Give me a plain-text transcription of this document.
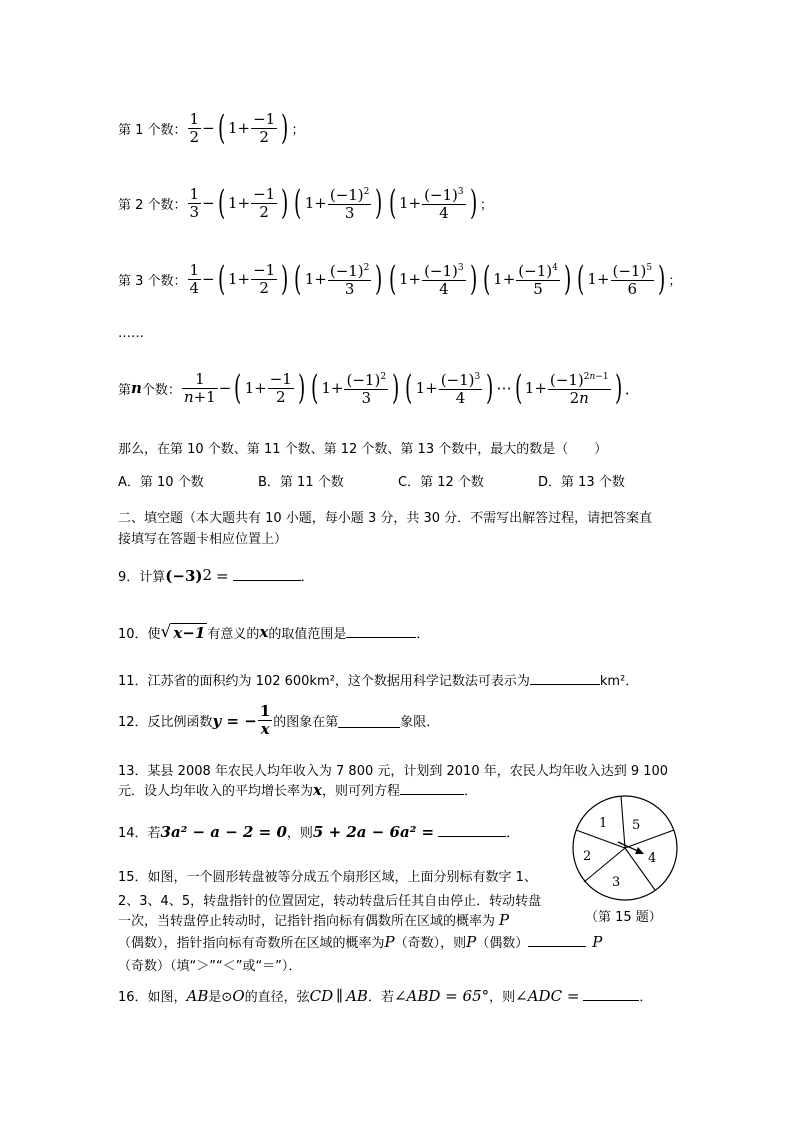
第 1 个数： $\frac{1}{2}$ − ( $1+ \frac{-1}{2}$ ) ；
第 2 个数： $\frac{1}{3}$ − ( $1+ \frac{-1}{2}$ ) ( $1+ \frac{(-1)^2}{3}$ ) ( $1+ \frac{(-1)^3}{4}$ ) ；
第 3 个数： $\frac{1}{4}$ − ( $1+ \frac{-1}{2}$ ) ( $1+ \frac{(-1)^2}{3}$ ) ( $1+ \frac{(-1)^3}{4}$ ) ( $1+ \frac{(-1)^4}{5}$ ) ( $1+ \frac{(-1)^5}{6}$ ) ；
……
第 n 个数： $\frac{1}{n+1}$ − ( $1+ \frac{-1}{2}$ ) ( $1+ \frac{(-1)^2}{3}$ ) ( $1+ \frac{(-1)^3}{4}$ ) ⋯ ( $1+ \frac{(-1)^{2n-1}}{2n}$ ) ．
那么，在第 10 个数、第 11 个数、第 12 个数、第 13 个数中，最大的数是（　　）
A．第 10 个数	B．第 11 个数	C．第 12 个数	D．第 13 个数
二、填空题（本大题共有 10 小题，每小题 3 分，共 30 分．不需写出解答过程，请把答案直
接填写在答题卡相应位置上）
9．计算 (−3) 2 =	．
10．使 √ x−1 有意义的 x 的取值范围是	．
11．江苏省的面积约为 102 600km²，这个数据用科学记数法可表示为	km²．
12．反比例函数 y = − $\frac{1}{x}$ 的图象在第	象限．
13．某县 2008 年农民人均年收入为 7 800 元，计划到 2010 年，农民人均年收入达到 9 100
元．设人均年收入的平均增长率为 x ，则可列方程	．
14．若 3a² − a − 2 = 0 ，则 5 + 2a − 6a² =	．
15．如图，一个圆形转盘被等分成五个扇形区域，上面分别标有数字 1、
2、3、4、5，转盘指针的位置固定，转动转盘后任其自由停止．转动转盘
一次，当转盘停止转动时，记指针指向标有偶数所在区域的概率为 P
（偶数），指针指向标有奇数所在区域的概率为 P （奇数），则 P （偶数）	P
（奇数）（填“＞”“＜”或“＝”）．
1 5
4
3
2
（第 15 题）
16．如图， AB 是⊙ O 的直径，弦 CD ∥ AB ．若 ∠ABD = 65° ，则 ∠ADC =	．
